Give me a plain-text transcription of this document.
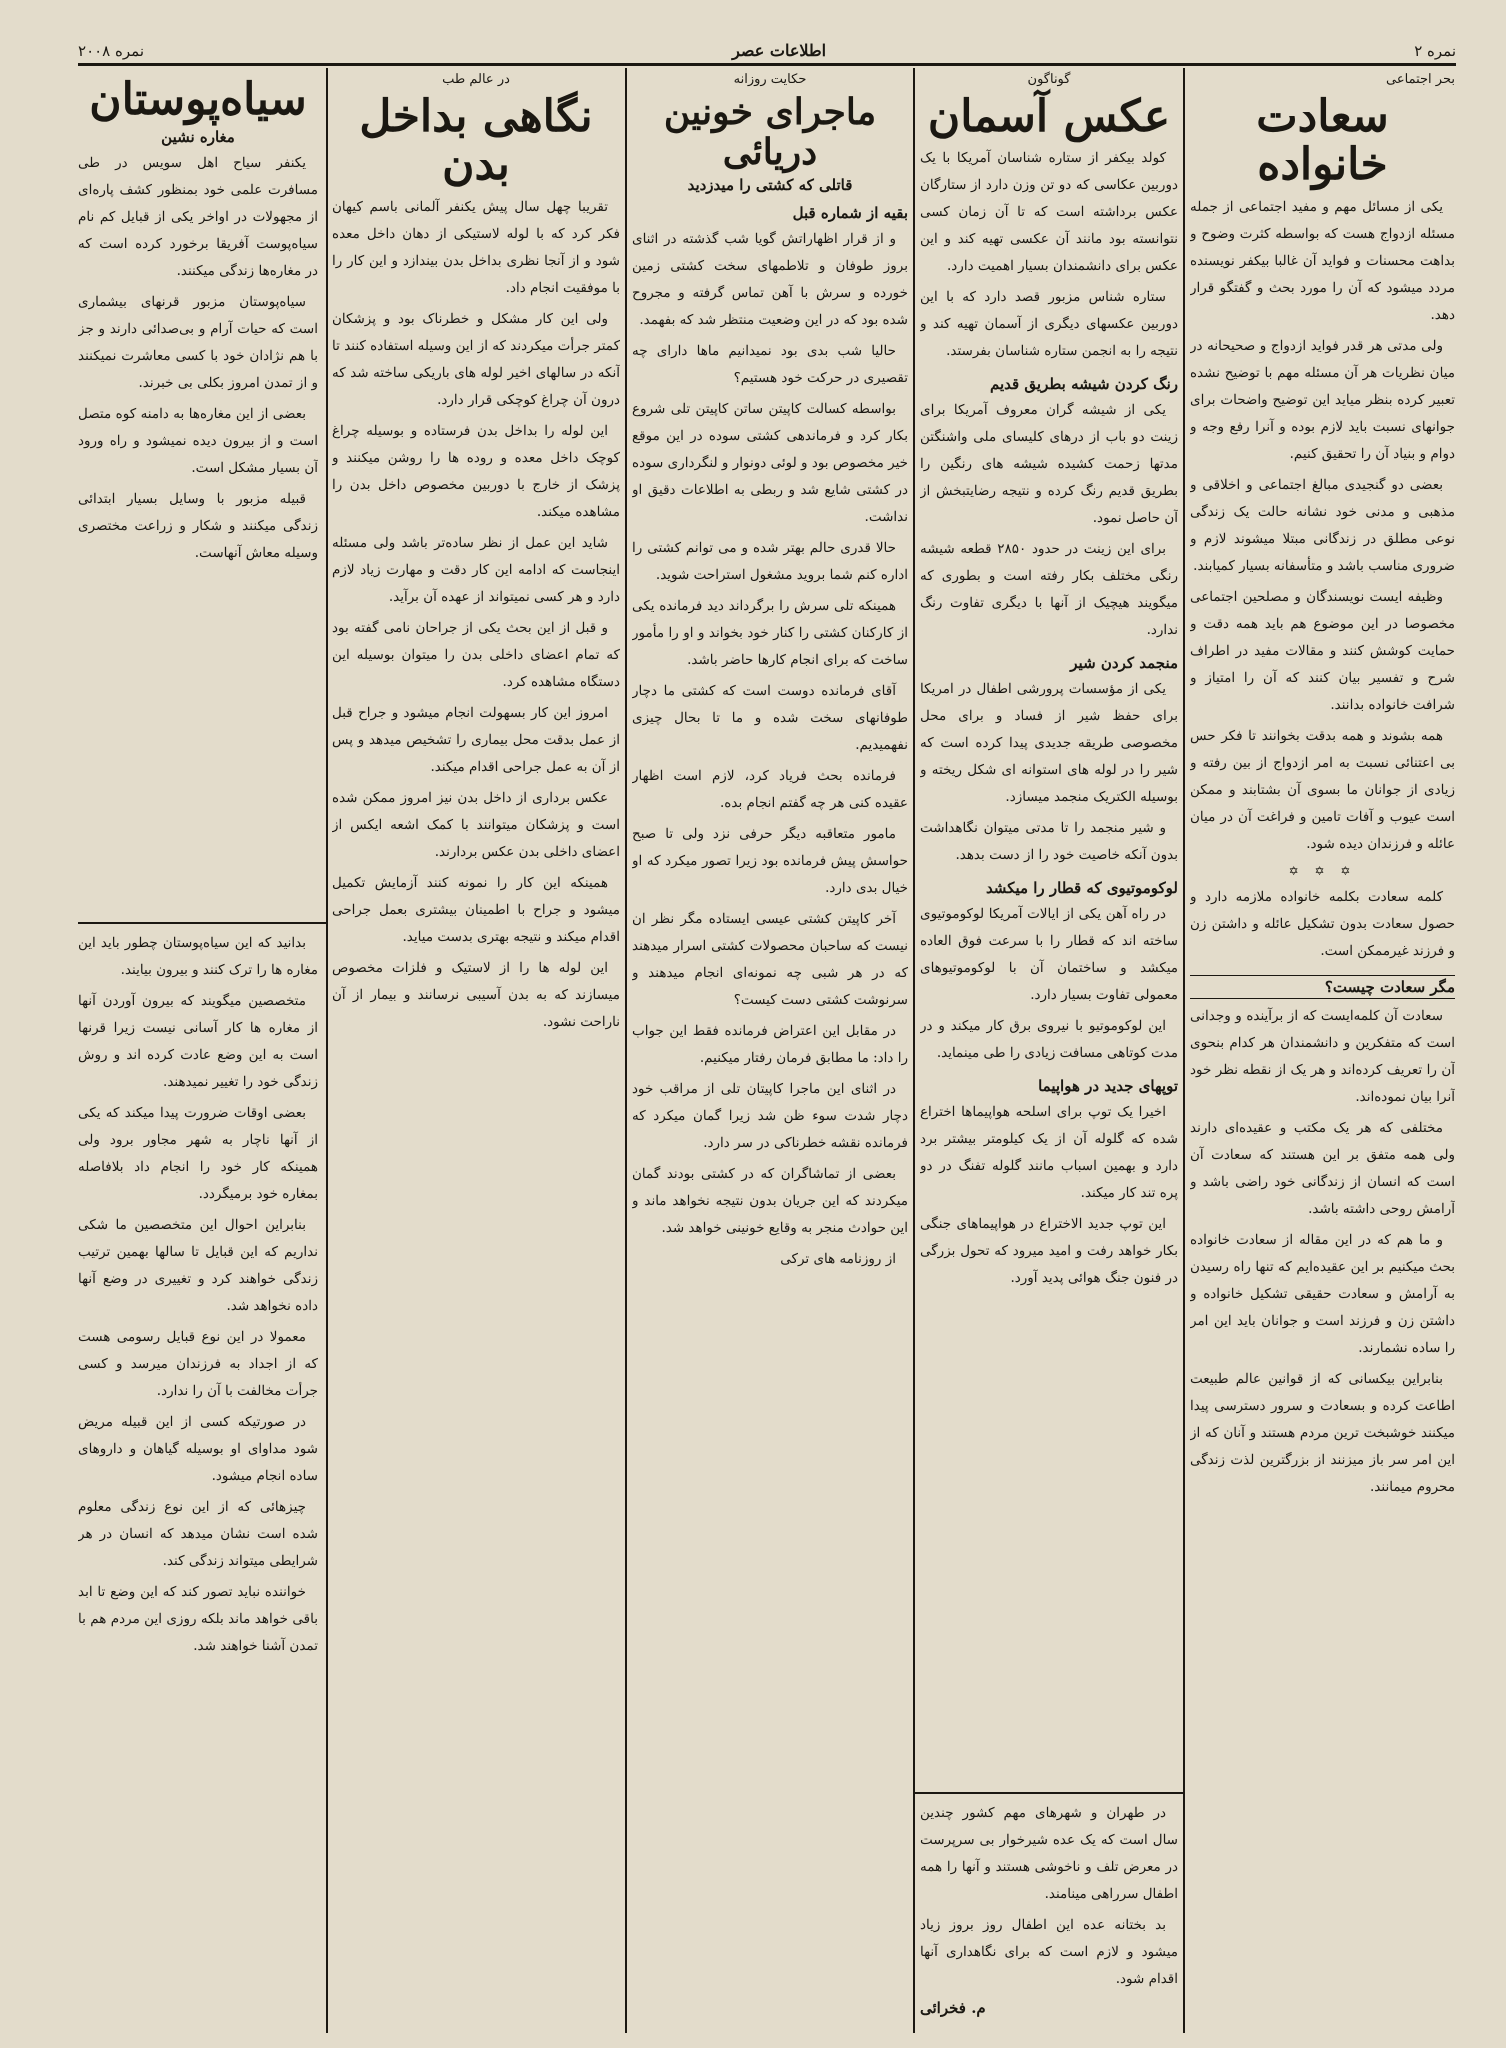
نمره ۲
اطلاعات عصر
نمره ۲۰۰۸
بحر اجتماعی
سعادت خانواده

یکی از مسائل مهم و مفید اجتماعی از جمله مسئله ازدواج هست که بواسطه کثرت وضوح و بداهت محسنات و فواید آن غالبا بیکفر نویسنده مردد میشود که آن را مورد بحث و گفتگو قرار دهد.

ولی مدتی هر قدر فواید ازدواج و صحیحانه در میان نظریات هر آن مسئله مهم با توضیح نشده تعبیر کرده بنظر میاید این توضیح واضحات برای جوانهای نسبت باید لازم بوده و آنرا رفع وجه و دوام و بنیاد آن را تحقیق کنیم.

بعضی دو گنجیدی مبالغ اجتماعی و اخلاقی و مذهبی و مدنی خود نشانه حالت یک زندگی نوعی مطلق در زندگانی مبتلا میشوند لازم و ضروری مناسب باشد و متأسفانه بسیار کمیابند.

وظیفه ایست نویسندگان و مصلحین اجتماعی مخصوصا در این موضوع هم باید همه دقت و حمایت کوشش کنند و مقالات مفید در اطراف شرح و تفسیر بیان کنند که آن را امتیاز و شرافت خانواده بدانند.

همه بشوند و همه بدقت بخوانند تا فکر حس بی اعتنائی نسبت به امر ازدواج از بین رفته و زیادی از جوانان ما بسوی آن بشتابند و ممکن است عیوب و آفات تامین و فراغت آن در میان عائله و فرزندان دیده شود.

✡ ✡ ✡

کلمه سعادت بکلمه خانواده ملازمه دارد و حصول سعادت بدون تشکیل عائله و داشتن زن و فرزند غیرممکن است.

مگر سعادت چیست؟

سعادت آن کلمه‌ایست که از برآینده و وجدانی است که متفکرین و دانشمندان هر کدام بنحوی آن را تعریف کرده‌اند و هر یک از نقطه نظر خود آنرا بیان نموده‌اند.

مختلفی که هر یک مکتب و عقیده‌ای دارند ولی همه متفق بر این هستند که سعادت آن است که انسان از زندگانی خود راضی باشد و آرامش روحی داشته باشد.

و ما هم که در این مقاله از سعادت خانواده بحث میکنیم بر این عقیده‌ایم که تنها راه رسیدن به آرامش و سعادت حقیقی تشکیل خانواده و داشتن زن و فرزند است و جوانان باید این امر را ساده نشمارند.

بنابراین بیکسانی که از قوانین عالم طبیعت اطاعت کرده و بسعادت و سرور دسترسی پیدا میکنند خوشبخت ترین مردم هستند و آنان که از این امر سر باز میزنند از بزرگترین لذت زندگی محروم میمانند.

گوناگون
عکس آسمان

کولد بیکفر از ستاره شناسان آمریکا با یک دوربین عکاسی که دو تن وزن دارد از ستارگان عکس برداشته است که تا آن زمان کسی نتوانسته بود مانند آن عکسی تهیه کند و این عکس برای دانشمندان بسیار اهمیت دارد.

ستاره شناس مزبور قصد دارد که با این دوربین عکسهای دیگری از آسمان تهیه کند و نتیجه را به انجمن ستاره شناسان بفرستد.

رنگ کردن شیشه بطریق قدیم

یکی از شیشه گران معروف آمریکا برای زینت دو باب از درهای کلیسای ملی واشنگتن مدتها زحمت کشیده شیشه های رنگین را بطریق قدیم رنگ کرده و نتیجه رضایتبخش از آن حاصل نمود.

برای این زینت در حدود ۲۸۵۰ قطعه شیشه رنگی مختلف بکار رفته است و بطوری که میگویند هیچیک از آنها با دیگری تفاوت رنگ ندارد.

منجمد کردن شیر

یکی از مؤسسات پرورشی اطفال در امریکا برای حفظ شیر از فساد و برای محل مخصوصی طریقه جدیدی پیدا کرده است که شیر را در لوله های استوانه ای شکل ریخته و بوسیله الکتریک منجمد میسازد.

و شیر منجمد را تا مدتی میتوان نگاهداشت بدون آنکه خاصیت خود را از دست بدهد.

لوکوموتیوی که قطار را میکشد

در راه آهن یکی از ایالات آمریکا لوکوموتیوی ساخته اند که قطار را با سرعت فوق العاده میکشد و ساختمان آن با لوکوموتیوهای معمولی تفاوت بسیار دارد.

این لوکوموتیو با نیروی برق کار میکند و در مدت کوتاهی مسافت زیادی را طی مینماید.

توپهای جدید در هواپیما

اخیرا یک توپ برای اسلحه هواپیماها اختراع شده که گلوله آن از یک کیلومتر بیشتر برد دارد و بهمین اسباب مانند گلوله تفنگ در دو پره تند کار میکند.

این توپ جدید الاختراع در هواپیماهای جنگی بکار خواهد رفت و امید میرود که تحول بزرگی در فنون جنگ هوائی پدید آورد.

در طهران و شهرهای مهم کشور چندین سال است که یک عده شیرخوار بی سرپرست در معرض تلف و ناخوشی هستند و آنها را همه اطفال سرراهی مینامند.

بد بختانه عده این اطفال روز بروز زیاد میشود و لازم است که برای نگاهداری آنها اقدام شود.

م. فخرائی
حکایت روزانه
ماجرای خونین دریائی
قاتلی که کشتی را میدزدید
بقیه از شماره قبل

و از قرار اظهاراتش گویا شب گذشته در اثنای بروز طوفان و تلاطمهای سخت کشتی زمین خورده و سرش با آهن تماس گرفته و مجروح شده بود که در این وضعیت منتظر شد که بفهمد.

حاليا شب بدی بود نمیدانیم ما‌ها دارای چه تقصیری در حرکت خود هستیم؟

بواسطه کسالت کاپیتن ساتن کاپیتن تلی شروع بکار کرد و فرماندهی کشتی سوده در این موقع خیر مخصوص بود و لوئی دونوار و لنگرداری سوده در کشتی شایع شد و ربطی به اطلاعات دقیق او نداشت.

حالا قدری حالم بهتر شده و می توانم کشتی را اداره کنم شما بروید مشغول استراحت شوید.

همینکه تلی سرش را برگرداند دید فرمانده یکی از کارکنان کشتی را کنار خود بخواند و او را مأمور ساخت که برای انجام کارها حاضر باشد.

آقای فرمانده دوست است که کشتی ما دچار طوفانهای سخت شده و ما تا بحال چیزی نفهمیدیم.

فرمانده بحث فریاد کرد، لازم است اظهار عقیده کنی هر چه گفتم انجام بده.

مامور متعاقبه دیگر حرفی نزد ولی تا صبح حواسش پیش فرمانده بود زیرا تصور میکرد که او خیال بدی دارد.

آخر کاپیتن کشتی عیسی ایستاده مگر نظر ان نیست که ساحبان محصولات کشتی اسرار میدهند که در هر شبی چه نمونه‌ای انجام میدهند و سرنوشت کشتی دست کیست؟

در مقابل این اعتراض فرمانده فقط این جواب را داد: ما مطابق فرمان رفتار میکنیم.

در اثنای این ماجرا کاپیتان تلی از مراقب خود دچار شدت سوء ظن شد زیرا گمان میکرد که فرمانده نقشه خطرناکی در سر دارد.

بعضی از تماشاگران که در کشتی بودند گمان میکردند که این جریان بدون نتیجه نخواهد ماند و این حوادث منجر به وقایع خونینی خواهد شد.

از روزنامه های ترکی

در عالم طب
نگاهی بداخل بدن

تقریبا چهل سال پیش یکنفر آلمانی باسم کیهان فکر کرد که با لوله لاستیکی از دهان داخل معده شود و از آنجا نظری بداخل بدن بیندازد و این کار را با موفقیت انجام داد.

ولی این کار مشکل و خطرناک بود و پزشکان کمتر جرأت میکردند که از این وسیله استفاده کنند تا آنکه در سالهای اخیر لوله های باریکی ساخته شد که درون آن چراغ کوچکی قرار دارد.

این لوله را بداخل بدن فرستاده و بوسیله چراغ کوچک داخل معده و روده ها را روشن میکنند و پزشک از خارج با دوربین مخصوص داخل بدن را مشاهده میکند.

شاید این عمل از نظر ساده‌تر باشد ولی مسئله اینجاست که ادامه این کار دقت و مهارت زیاد لازم دارد و هر کسی نمیتواند از عهده آن برآید.

و قبل از این بحث یکی از جراحان نامی گفته بود که تمام اعضای داخلی بدن را میتوان بوسیله این دستگاه مشاهده کرد.

امروز این کار بسهولت انجام میشود و جراح قبل از عمل بدقت محل بیماری را تشخیص میدهد و پس از آن به عمل جراحی اقدام میکند.

عکس برداری از داخل بدن نیز امروز ممکن شده است و پزشکان میتوانند با کمک اشعه ایکس از اعضای داخلی بدن عکس بردارند.

همینکه این کار را نمونه کنند آزمایش تکمیل میشود و جراح با اطمینان بیشتری بعمل جراحی اقدام میکند و نتیجه بهتری بدست میاید.

این لوله ها را از لاستیک و فلزات مخصوص میسازند که به بدن آسیبی نرسانند و بیمار از آن ناراحت نشود.

سیاه‌پوستان
مغاره نشین

یکنفر سیاح اهل سویس در طی مسافرت علمی خود بمنظور کشف پاره‌ای از مجهولات در اواخر یکی از قبایل کم نام سیاه‌پوست آفریقا برخورد کرده است که در مغاره‌ها زندگی میکنند.

سیاه‌پوستان مزبور قرنهای بیشماری است که حیات آرام و بی‌صدائی دارند و جز با هم نژادان خود با کسی معاشرت نمیکنند و از تمدن امروز بکلی بی خبرند.

بعضی از این مغاره‌ها به دامنه کوه متصل است و از بیرون دیده نمیشود و راه ورود آن بسیار مشکل است.

قبیله مزبور با وسایل بسیار ابتدائی زندگی میکنند و شکار و زراعت مختصری وسیله معاش آنهاست.

بدانید که این سیاه‌پوستان چطور باید این مغاره ها را ترک کنند و بیرون بیایند.

متخصصین میگویند که بیرون آوردن آنها از مغاره ها کار آسانی نیست زیرا قرنها است به این وضع عادت کرده اند و روش زندگی خود را تغییر نمیدهند.

بعضی اوقات ضرورت پیدا میکند که یکی از آنها ناچار به شهر مجاور برود ولی همینکه کار خود را انجام داد بلافاصله بمغاره خود برمیگردد.

بنابراین احوال این متخصصین ما شکی نداریم که این قبایل تا سالها بهمین ترتیب زندگی خواهند کرد و تغییری در وضع آنها داده نخواهد شد.

معمولا در این نوع قبایل رسومی هست که از اجداد به فرزندان میرسد و کسی جرأت مخالفت با آن را ندارد.

در صورتیکه کسی از این قبیله مریض شود مداوای او بوسیله گیاهان و داروهای ساده انجام میشود.

چیزهائی که از این نوع زندگی معلوم شده است نشان میدهد که انسان در هر شرایطی میتواند زندگی کند.

خواننده نباید تصور کند که این وضع تا ابد باقی خواهد ماند بلکه روزی این مردم هم با تمدن آشنا خواهند شد.
